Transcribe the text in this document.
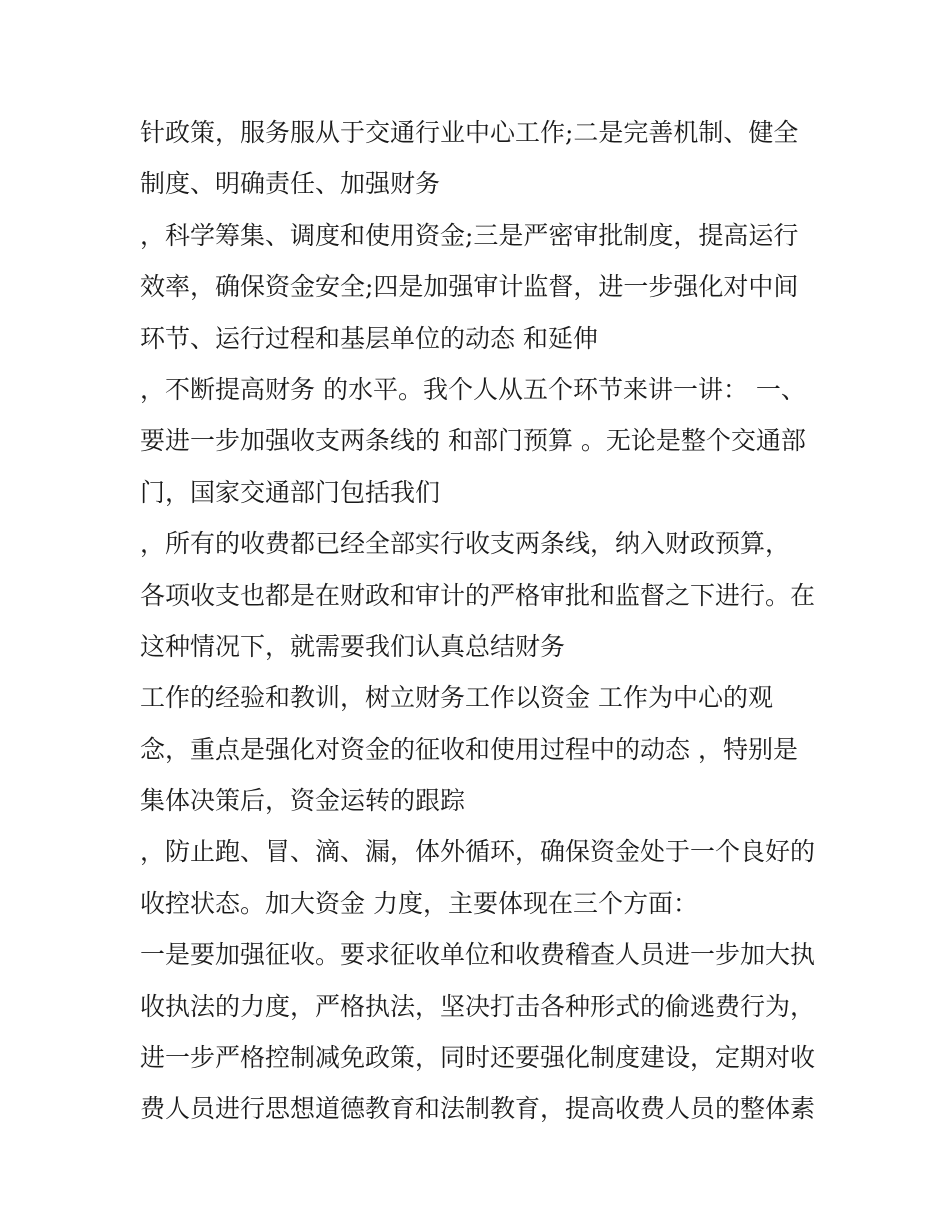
针政策，服务服从于交通行业中心工作;二是完善机制、健全
制度、明确责任、加强财务
，科学筹集、调度和使用资金;三是严密审批制度，提高运行
效率，确保资金安全;四是加强审计监督，进一步强化对中间
环节、运行过程和基层单位的动态 和延伸
，不断提高财务 的水平。我个人从五个环节来讲一讲： 一、
要进一步加强收支两条线的 和部门预算 。无论是整个交通部
门，国家交通部门包括我们
，所有的收费都已经全部实行收支两条线，纳入财政预算，
各项收支也都是在财政和审计的严格审批和监督之下进行。在
这种情况下，就需要我们认真总结财务
工作的经验和教训，树立财务工作以资金 工作为中心的观
念，重点是强化对资金的征收和使用过程中的动态 ，特别是
集体决策后，资金运转的跟踪
，防止跑、冒、滴、漏，体外循环，确保资金处于一个良好的
收控状态。加大资金 力度，主要体现在三个方面：
一是要加强征收。要求征收单位和收费稽查人员进一步加大执
收执法的力度，严格执法，坚决打击各种形式的偷逃费行为，
进一步严格控制减免政策，同时还要强化制度建设，定期对收
费人员进行思想道德教育和法制教育，提高收费人员的整体素
